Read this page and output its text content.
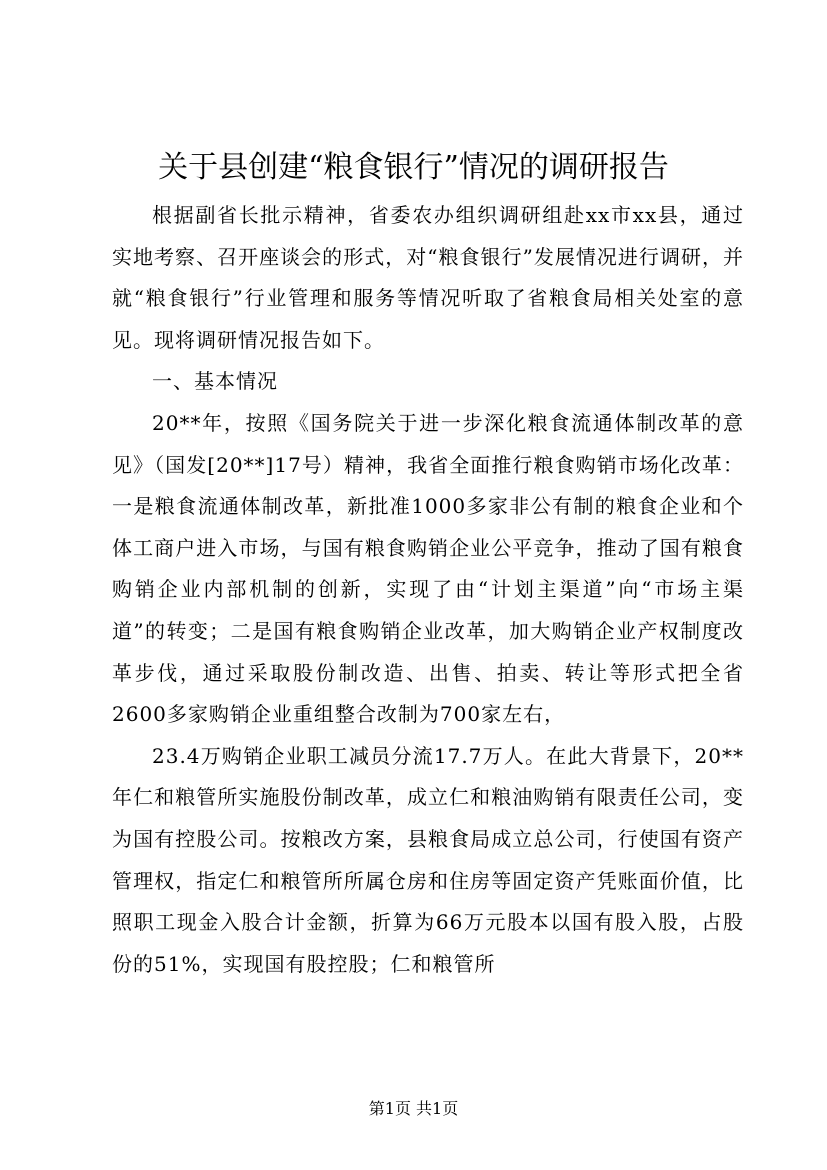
关于县创建“粮食银行”情况的调研报告

根据副省长批示精神，省委农办组织调研组赴xx市xx县，通过实地考察、召开座谈会的形式，对“粮食银行”发展情况进行调研，并就“粮食银行”行业管理和服务等情况听取了省粮食局相关处室的意见。现将调研情况报告如下。

一、基本情况

20**年，按照《国务院关于进一步深化粮食流通体制改革的意见》（国发[20**]17号）精神，我省全面推行粮食购销市场化改革：一是粮食流通体制改革，新批准1000多家非公有制的粮食企业和个体工商户进入市场，与国有粮食购销企业公平竞争，推动了国有粮食购销企业内部机制的创新，实现了由“计划主渠道”向“市场主渠道”的转变；二是国有粮食购销企业改革，加大购销企业产权制度改革步伐，通过采取股份制改造、出售、拍卖、转让等形式把全省2600多家购销企业重组整合改制为700家左右，

23.4万购销企业职工减员分流17.7万人。在此大背景下，20**年仁和粮管所实施股份制改革，成立仁和粮油购销有限责任公司，变为国有控股公司。按粮改方案，县粮食局成立总公司，行使国有资产管理权，指定仁和粮管所所属仓房和住房等固定资产凭账面价值，比照职工现金入股合计金额，折算为66万元股本以国有股入股，占股份的51%，实现国有股控股；仁和粮管所

第1页 共1页
